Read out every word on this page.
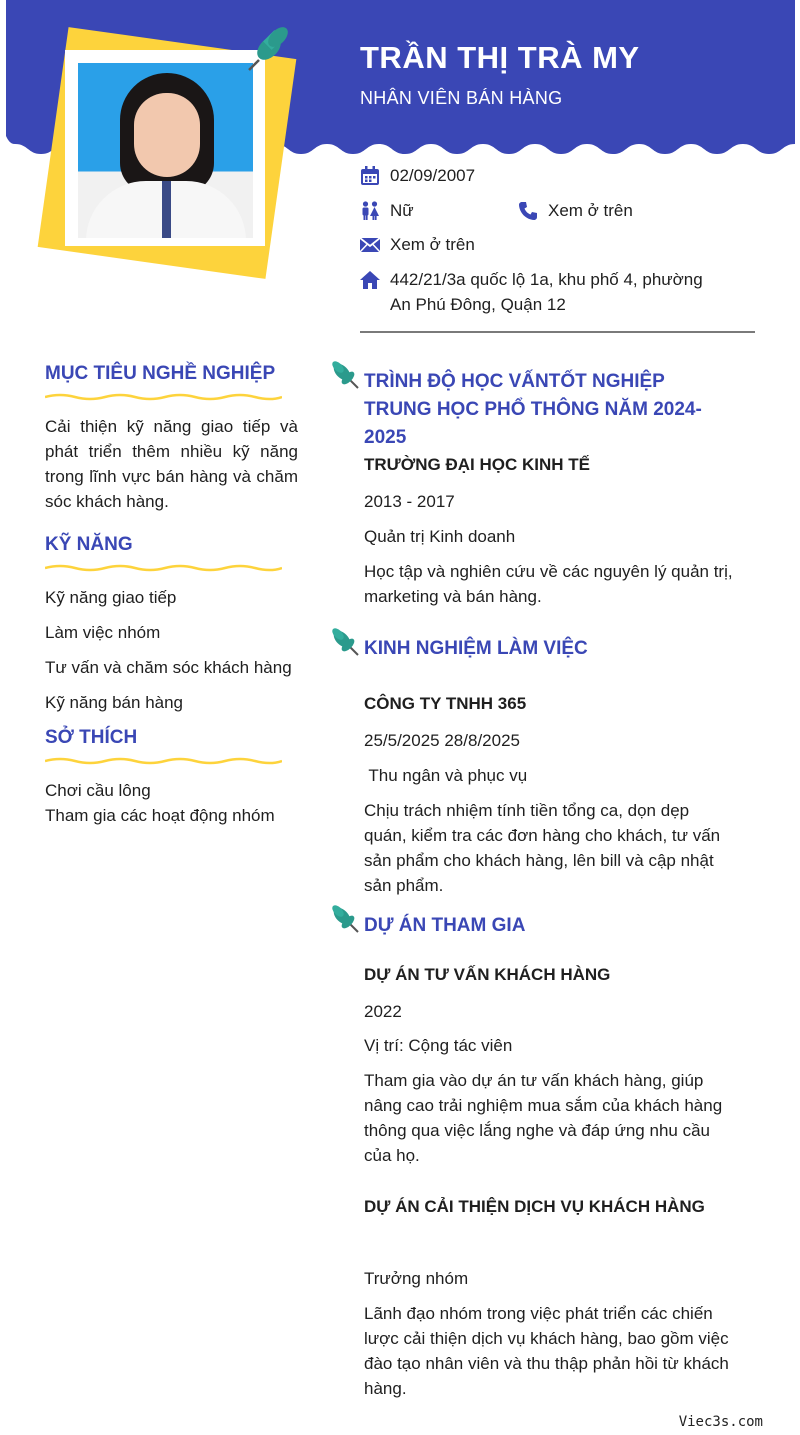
TRẦN THỊ TRÀ MY
NHÂN VIÊN BÁN HÀNG
02/09/2007
Nữ	Xem ở trên
Xem ở trên
442/21/3a quốc lộ 1a, khu phố 4, phường
An Phú Đông, Quận 12
MỤC TIÊU NGHỀ NGHIỆP
Cải thiện kỹ năng giao tiếp và phát triển thêm nhiều kỹ năng trong lĩnh vực bán hàng và chăm sóc khách hàng.
KỸ NĂNG
Kỹ năng giao tiếp
Làm việc nhóm
Tư vấn và chăm sóc khách hàng
Kỹ năng bán hàng
SỞ THÍCH
Chơi cầu lông
Tham gia các hoạt động nhóm
TRÌNH ĐỘ HỌC VẤNTỐT NGHIỆP TRUNG HỌC PHỔ THÔNG NĂM 2024-2025
TRƯỜNG ĐẠI HỌC KINH TẾ
2013 - 2017
Quản trị Kinh doanh
Học tập và nghiên cứu về các nguyên lý quản trị, marketing và bán hàng.
KINH NGHIỆM LÀM VIỆC
CÔNG TY TNHH 365
25/5/2025 28/8/2025
Thu ngân và phục vụ
Chịu trách nhiệm tính tiền tổng ca, dọn dẹp quán, kiểm tra các đơn hàng cho khách, tư vấn sản phẩm cho khách hàng, lên bill và cập nhật sản phẩm.
DỰ ÁN THAM GIA
DỰ ÁN TƯ VẤN KHÁCH HÀNG
2022
Vị trí: Cộng tác viên
Tham gia vào dự án tư vấn khách hàng, giúp nâng cao trải nghiệm mua sắm của khách hàng thông qua việc lắng nghe và đáp ứng nhu cầu của họ.
DỰ ÁN CẢI THIỆN DỊCH VỤ KHÁCH HÀNG
Trưởng nhóm
Lãnh đạo nhóm trong việc phát triển các chiến lược cải thiện dịch vụ khách hàng, bao gồm việc đào tạo nhân viên và thu thập phản hồi từ khách hàng.
Viec3s.com
